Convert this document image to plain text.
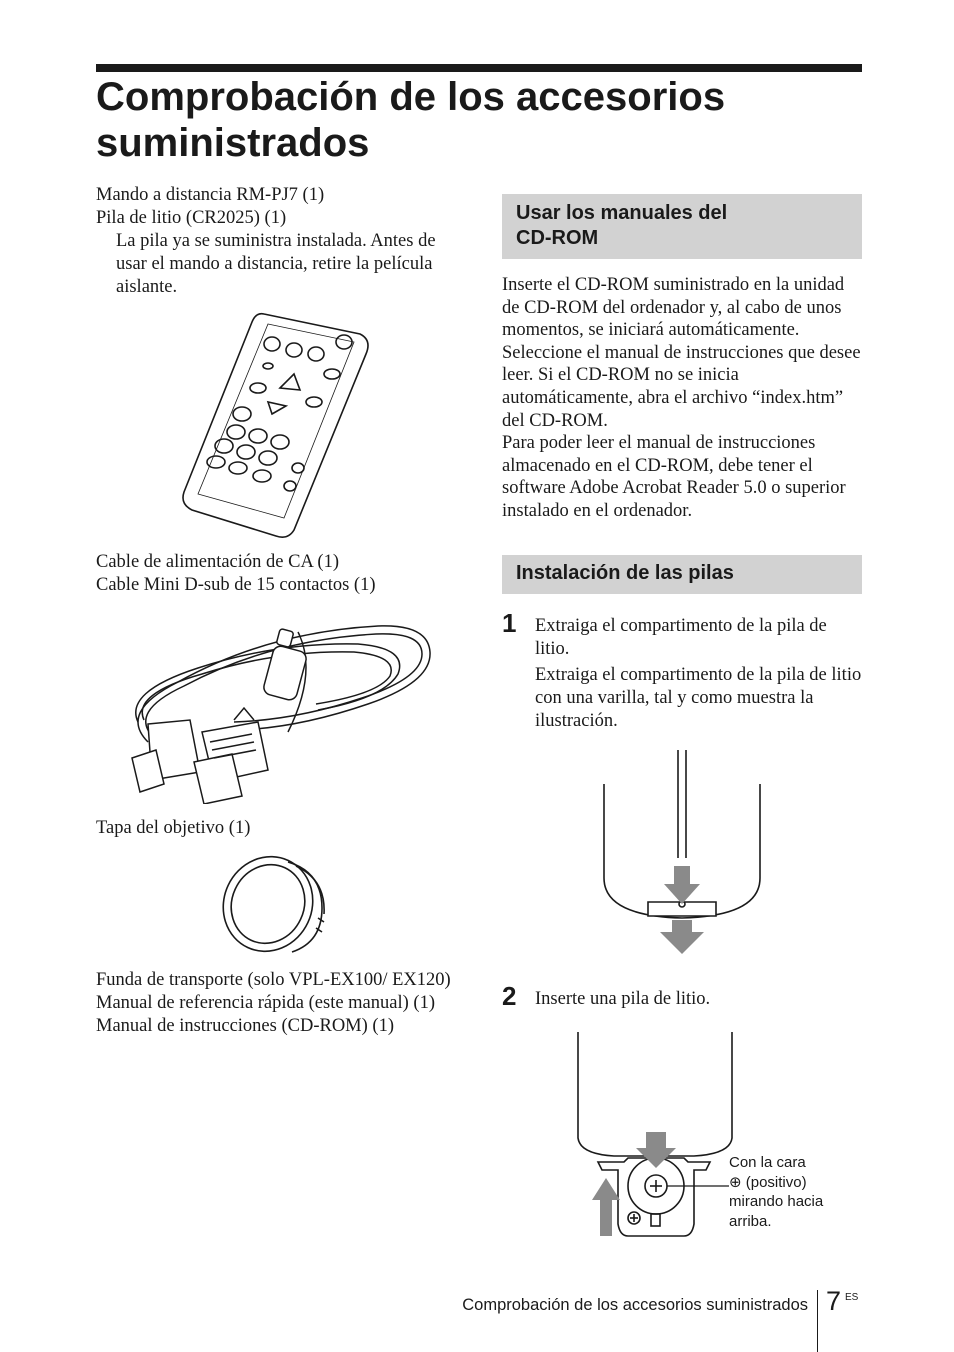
Comprobación de los accesorios
suministrados
Mando a distancia RM-PJ7 (1)
Pila de litio (CR2025) (1)
La pila ya se suministra instalada. Antes de usar el mando a distancia, retire la película aislante.
Cable de alimentación de CA (1)
Cable Mini D-sub de 15 contactos (1)
Tapa del objetivo (1)
Funda de transporte (solo VPL-EX100/ EX120)
Manual de referencia rápida (este manual) (1)
Manual de instrucciones (CD-ROM) (1)
Usar los manuales del
CD-ROM
Inserte el CD-ROM suministrado en la unidad de CD-ROM del ordenador y, al cabo de unos momentos, se iniciará automáticamente. Seleccione el manual de instrucciones que desee leer. Si el CD-ROM no se inicia automáticamente, abra el archivo “index.htm” del CD-ROM.
Para poder leer el manual de instrucciones almacenado en el CD-ROM, debe tener el software Adobe Acrobat Reader 5.0 o superior instalado en el ordenador.
Instalación de las pilas
1 Extraiga el compartimento de la pila de litio.
Extraiga el compartimento de la pila de litio con una varilla, tal y como muestra la ilustración.
2 Inserte una pila de litio.
Con la cara
⊕ (positivo)
mirando hacia
arriba.
Comprobación de los accesorios suministrados 7 ES
